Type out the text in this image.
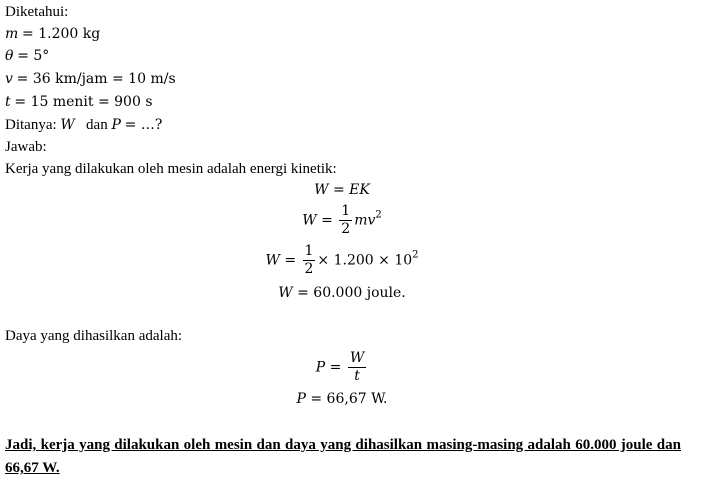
Diketahui:
m = 1.200 kg
θ = 5°
v = 36 km/jam = 10 m/s
t = 15 menit = 900 s
Ditanya: W dan P = …?
Jawab:
Kerja yang dilakukan oleh mesin adalah energi kinetik:
W = EK
$W = \frac{1}{2} mv^2$
$W = \frac{1}{2} \times 1.200 \times 10^2$
W = 60.000 joule.
Daya yang dihasilkan adalah:
$P = \frac{W}{t}$
P = 66,67 W.
Jadi, kerja yang dilakukan oleh mesin dan daya yang dihasilkan masing-masing adalah 60.000 joule dan 66,67 W.
